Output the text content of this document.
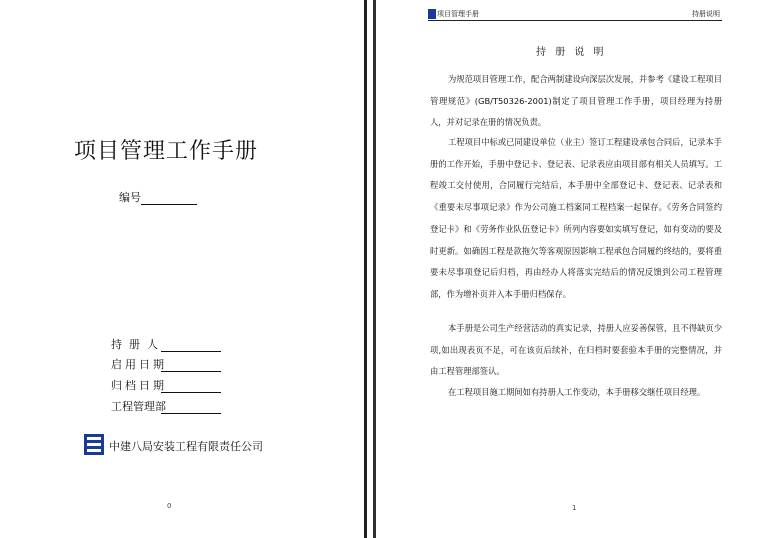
项目管理工作手册
编号
持  册  人
启用日期
归档日期
工程管理部
中建八局安装工程有限责任公司
0
项目管理手册	持册说明
持 册 说 明
为规范项目管理工作，配合两制建设向深层次发展，并参考《建设工程项目管理规范》(GB/T50326-2001)制定了项目管理工作手册，项目经理为持册人，并对记录在册的情况负责。
工程项目中标或已同建设单位（业主）签订工程建设承包合同后，记录本手册的工作开始，手册中登记卡、登记表、记录表应由项目部有相关人员填写。工程竣工交付使用，合同履行完结后，本手册中全部登记卡、登记表、记录表和《重要未尽事项记录》作为公司施工档案同工程档案一起保存。《劳务合同签约登记卡》和《劳务作业队伍登记卡》所列内容要如实填写登记，如有变动的要及时更新。如确因工程是款拖欠等客观原因影响工程承包合同履约终结的，要将重要未尽事项登记后归档，再由经办人将落实完结后的情况反馈到公司工程管理部，作为增补页并入本手册归档保存。
本手册是公司生产经营活动的真实记录，持册人应妥善保管，且不得缺页少项,如出现表页不足，可在该页后续补，在归档时要套验本手册的完整情况，并由工程管理部签认。
在工程项目施工期间如有持册人工作变动，本手册移交继任项目经理。
1
